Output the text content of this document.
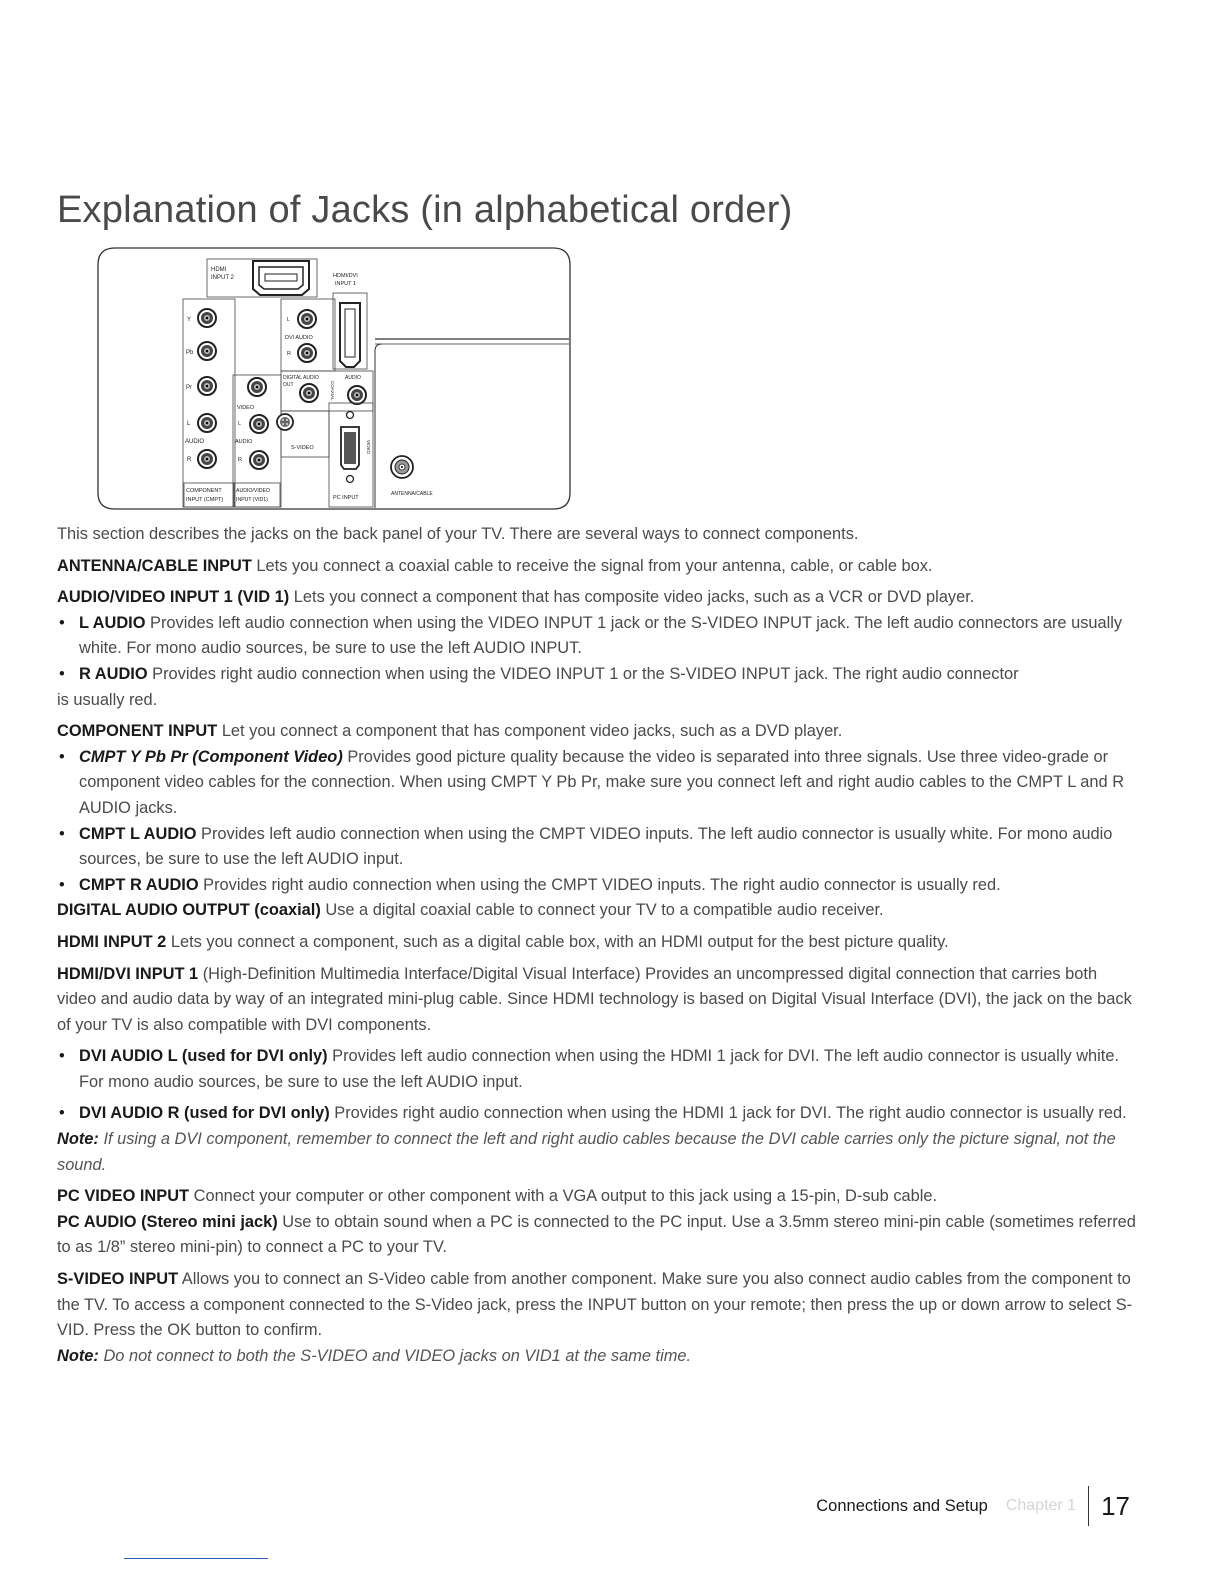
Explanation of Jacks (in alphabetical order)
HDMI
INPUT 2	HDMI/DVI
INPUT 1
Y
Pb
Pr
L
AUDIO
R
COMPONENT
INPUT (CMPT)
L
DVI AUDIO
R
DIGITAL AUDIO
OUT	COAXIAL
AUDIO
VIDEO
L
AUDIO
R
AUDIO/VIDEO
INPUT (VID1)
S-VIDEO	VIDEO
PC INPUT
ANTENNA/CABLE

This section describes the jacks on the back panel of your TV. There are several ways to connect components.

ANTENNA/CABLE INPUT Lets you connect a coaxial cable to receive the signal from your antenna, cable, or cable box.

AUDIO/VIDEO INPUT 1 (VID 1) Lets you connect a component that has composite video jacks, such as a VCR or DVD player.

• L AUDIO Provides left audio connection when using the VIDEO INPUT 1 jack or the S-VIDEO INPUT jack. The left audio connectors are usually white. For mono audio sources, be sure to use the left AUDIO INPUT.

• R AUDIO Provides right audio connection when using the VIDEO INPUT 1 or the S-VIDEO INPUT jack. The right audio connector

is usually red.

COMPONENT INPUT Let you connect a component that has component video jacks, such as a DVD player.

• CMPT Y Pb Pr (Component Video) Provides good picture quality because the video is separated into three signals. Use three video-grade or component video cables for the connection. When using CMPT Y Pb Pr, make sure you connect left and right audio cables to the CMPT L and R AUDIO jacks.

• CMPT L AUDIO Provides left audio connection when using the CMPT VIDEO inputs. The left audio connector is usually white. For mono audio sources, be sure to use the left AUDIO input.

• CMPT R AUDIO Provides right audio connection when using the CMPT VIDEO inputs. The right audio connector is usually red.

DIGITAL AUDIO OUTPUT (coaxial) Use a digital coaxial cable to connect your TV to a compatible audio receiver.

HDMI INPUT 2 Lets you connect a component, such as a digital cable box, with an HDMI output for the best picture quality.

HDMI/DVI INPUT 1 (High-Definition Multimedia Interface/Digital Visual Interface) Provides an uncompressed digital connection that carries both video and audio data by way of an integrated mini-plug cable. Since HDMI technology is based on Digital Visual Interface (DVI), the jack on the back of your TV is also compatible with DVI components.

• DVI AUDIO L (used for DVI only) Provides left audio connection when using the HDMI 1 jack for DVI. The left audio connector is usually white. For mono audio sources, be sure to use the left AUDIO input.

• DVI AUDIO R (used for DVI only) Provides right audio connection when using the HDMI 1 jack for DVI. The right audio connector is usually red.

Note: If using a DVI component, remember to connect the left and right audio cables because the DVI cable carries only the picture signal, not the sound.

PC VIDEO INPUT Connect your computer or other component with a VGA output to this jack using a 15-pin, D-sub cable.

PC AUDIO (Stereo mini jack) Use to obtain sound when a PC is connected to the PC input. Use a 3.5mm stereo mini-pin cable (sometimes referred to as 1/8” stereo mini-pin) to connect a PC to your TV.

S-VIDEO INPUT Allows you to connect an S-Video cable from another component. Make sure you also connect audio cables from the component to the TV. To access a component connected to the S-Video jack, press the INPUT button on your remote; then press the up or down arrow to select S-VID. Press the OK button to confirm.

Note: Do not connect to both the S-VIDEO and VIDEO jacks on VID1 at the same time.

Connections and Setup Chapter 1 17
